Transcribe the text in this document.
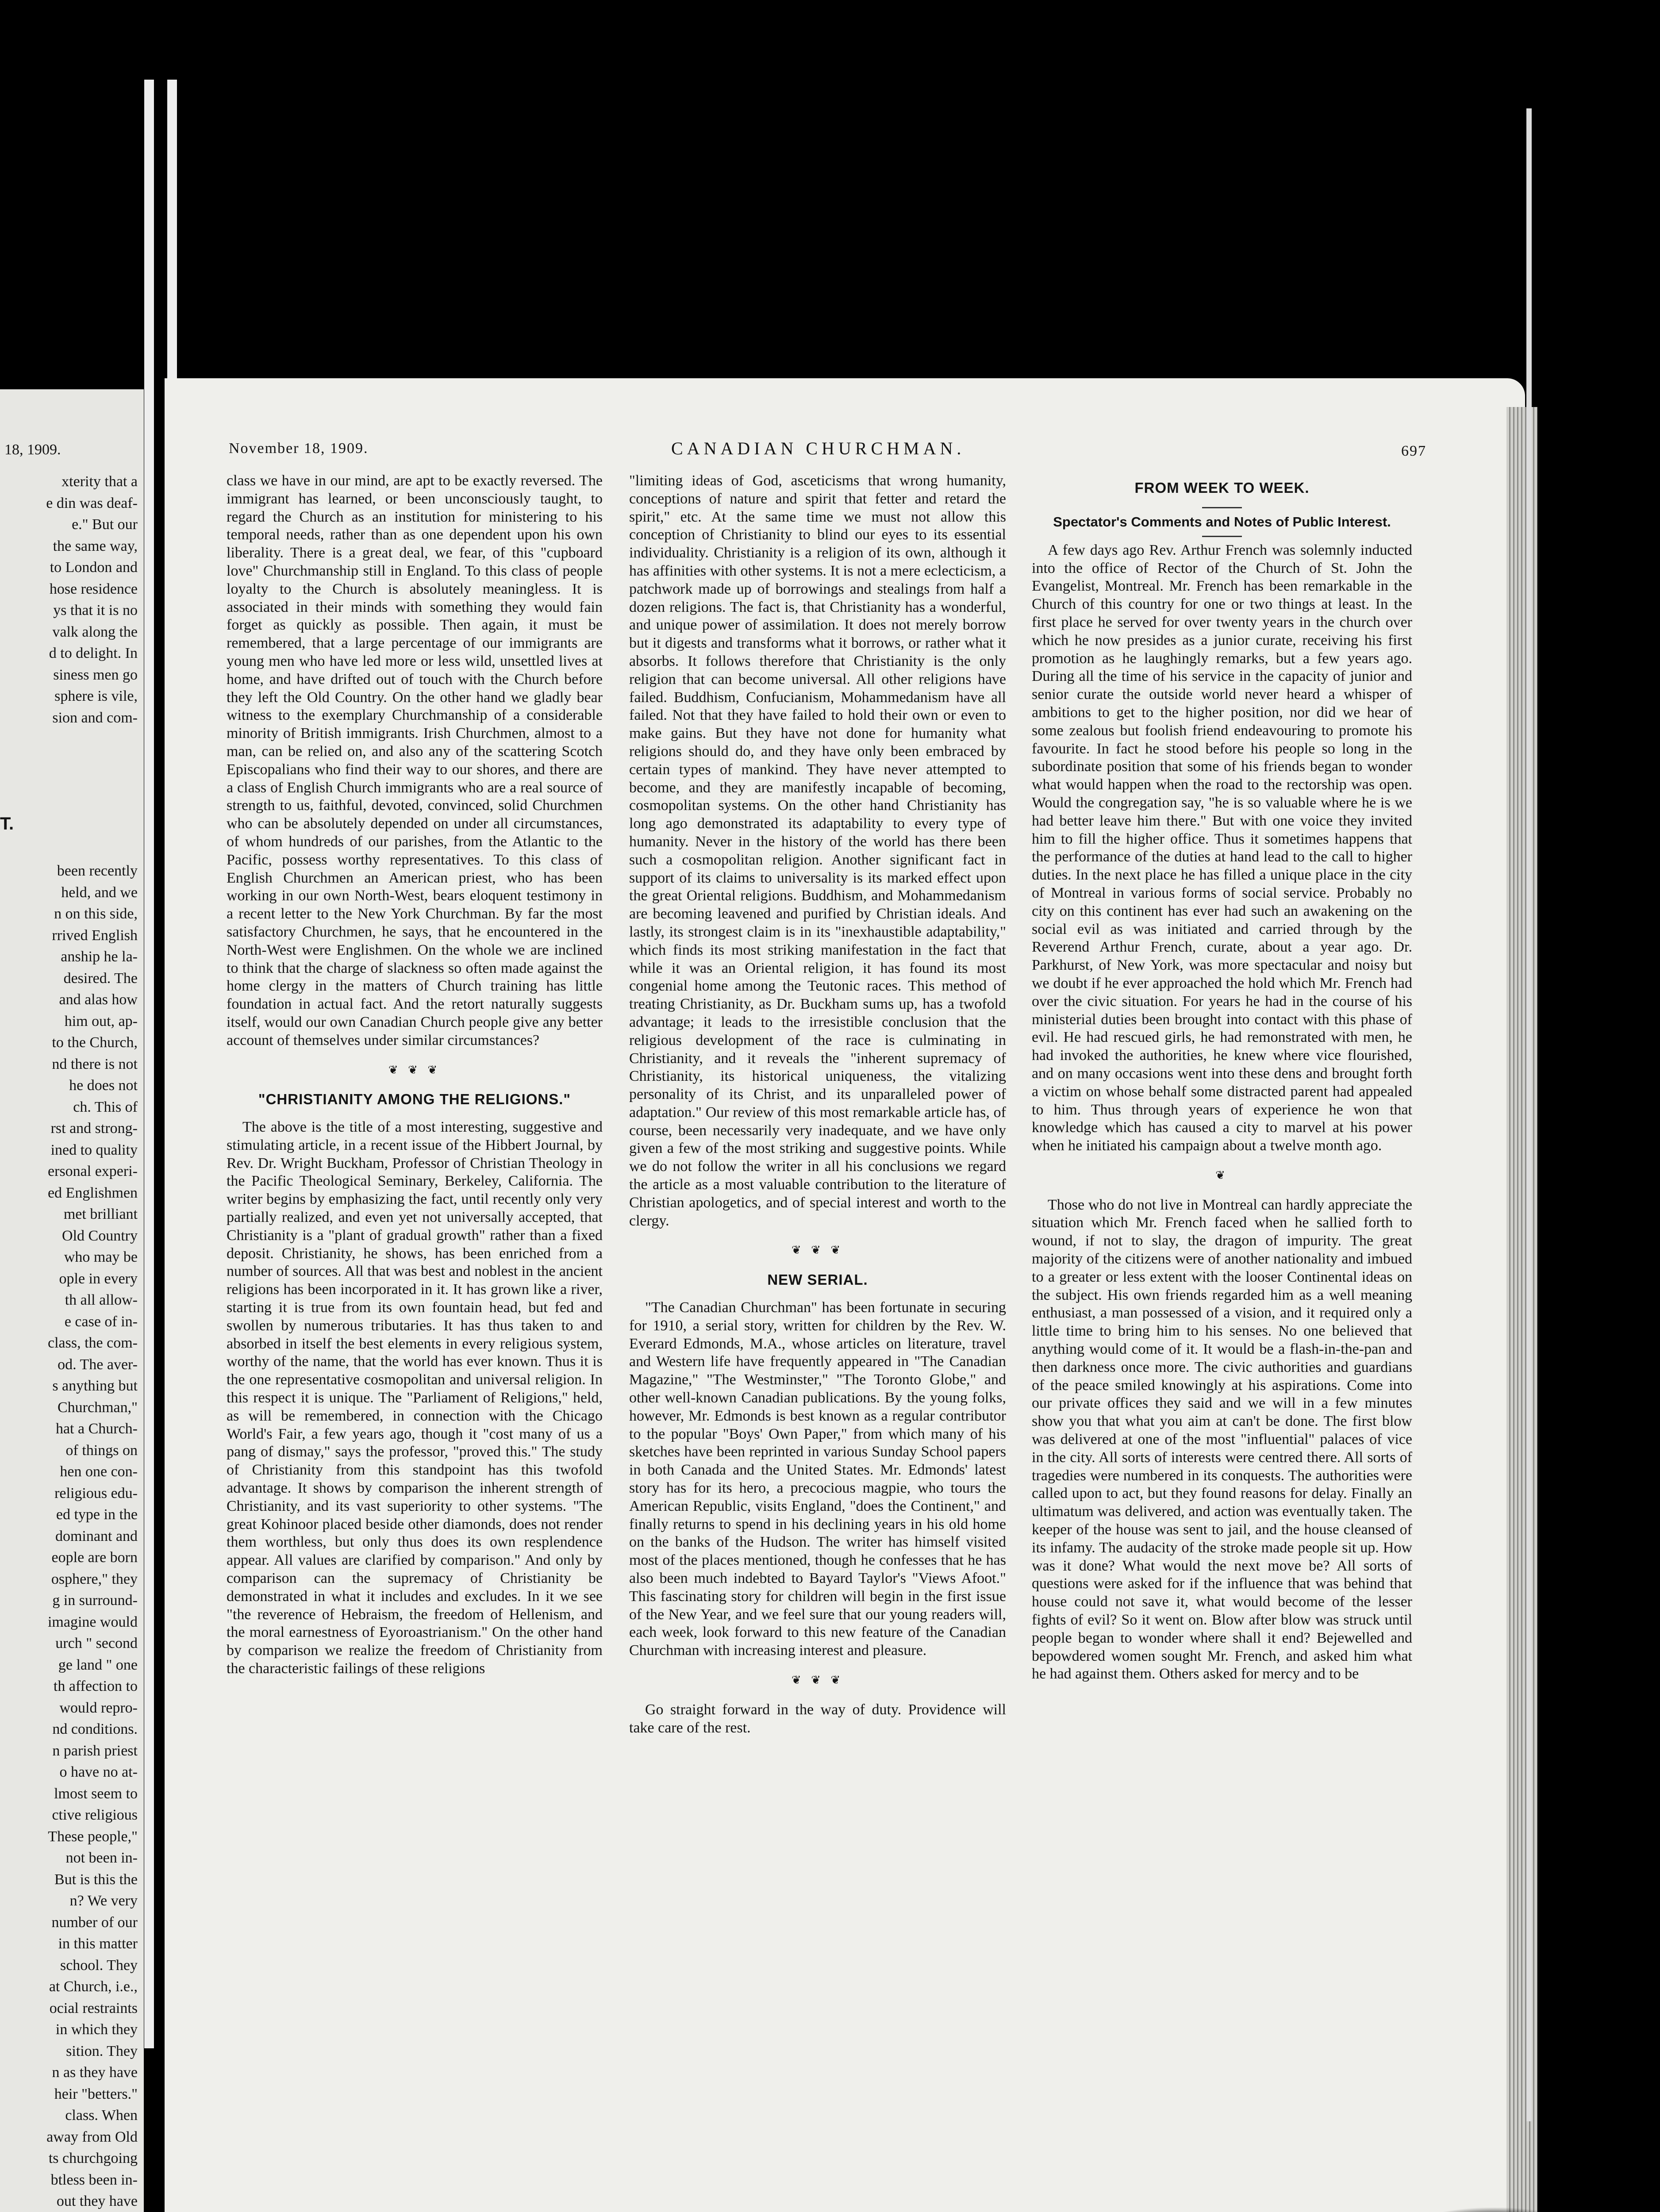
18, 1909.
xterity that a
e din was deaf-
e." But our
the same way,
to London and
hose residence
ys that it is no
valk along the
d to delight. In
siness men go
sphere is vile,
sion and com-
T.
been recently
held, and we
n on this side,
rrived English
anship he la-
desired. The
and alas how
him out, ap-
to the Church,
nd there is not
he does not
ch. This of
rst and strong-
ined to quality
ersonal experi-
ed Englishmen
met brilliant
Old Country
who may be
ople in every
th all allow-
e case of in-
class, the com-
od. The aver-
s anything but
Churchman,"
hat a Church-
of things on
hen one con-
religious edu-
ed type in the
dominant and
eople are born
osphere," they
g in surround-
imagine would
urch " second
ge land " one
th affection to
would repro-
nd conditions.
n parish priest
o have no at-
lmost seem to
ctive religious
These people,"
not been in-
But is this the
n? We very
number of our
in this matter
school. They
at Church, i.e.,
ocial restraints
in which they
sition. They
n as they have
heir "betters."
class. When
away from Old
ts churchgoing
btless been in-
out they have
November 18, 1909.	CANADIAN CHURCHMAN.	697

class we have in our mind, are apt to be exactly reversed. The immigrant has learned, or been unconsciously taught, to regard the Church as an institution for ministering to his temporal needs, rather than as one dependent upon his own liberality. There is a great deal, we fear, of this "cupboard love" Churchmanship still in England. To this class of people loyalty to the Church is absolutely meaningless. It is associated in their minds with something they would fain forget as quickly as possible. Then again, it must be remembered, that a large percentage of our immigrants are young men who have led more or less wild, unsettled lives at home, and have drifted out of touch with the Church before they left the Old Country. On the other hand we gladly bear witness to the exemplary Churchmanship of a considerable minority of British immigrants. Irish Churchmen, almost to a man, can be relied on, and also any of the scattering Scotch Episcopalians who find their way to our shores, and there are a class of English Church immigrants who are a real source of strength to us, faithful, devoted, convinced, solid Churchmen who can be absolutely depended on under all circumstances, of whom hundreds of our parishes, from the Atlantic to the Pacific, possess worthy representatives. To this class of English Churchmen an American priest, who has been working in our own North-West, bears eloquent testimony in a recent letter to the New York Churchman. By far the most satisfactory Churchmen, he says, that he encountered in the North-West were Englishmen. On the whole we are inclined to think that the charge of slackness so often made against the home clergy in the matters of Church training has little foundation in actual fact. And the retort naturally suggests itself, would our own Canadian Church people give any better account of themselves under similar circumstances?

❦ ❦ ❦
"CHRISTIANITY AMONG THE RELIGIONS."

The above is the title of a most interesting, suggestive and stimulating article, in a recent issue of the Hibbert Journal, by Rev. Dr. Wright Buckham, Professor of Christian Theology in the Pacific Theological Seminary, Berkeley, California. The writer begins by emphasizing the fact, until recently only very partially realized, and even yet not universally accepted, that Christianity is a "plant of gradual growth" rather than a fixed deposit. Christianity, he shows, has been enriched from a number of sources. All that was best and noblest in the ancient religions has been incorporated in it. It has grown like a river, starting it is true from its own fountain head, but fed and swollen by numerous tributaries. It has thus taken to and absorbed in itself the best elements in every religious system, worthy of the name, that the world has ever known. Thus it is the one representative cosmopolitan and universal religion. In this respect it is unique. The "Parliament of Religions," held, as will be remembered, in connection with the Chicago World's Fair, a few years ago, though it "cost many of us a pang of dismay," says the professor, "proved this." The study of Christianity from this standpoint has this twofold advantage. It shows by comparison the inherent strength of Christianity, and its vast superiority to other systems. "The great Kohinoor placed beside other diamonds, does not render them worthless, but only thus does its own resplendence appear. All values are clarified by comparison." And only by comparison can the supremacy of Christianity be demonstrated in what it includes and excludes. In it we see "the reverence of Hebraism, the freedom of Hellenism, and the moral earnestness of Eyoroastrianism." On the other hand by comparison we realize the freedom of Christianity from the characteristic failings of these religions

"limiting ideas of God, asceticisms that wrong humanity, conceptions of nature and spirit that fetter and retard the spirit," etc. At the same time we must not allow this conception of Christianity to blind our eyes to its essential individuality. Christianity is a religion of its own, although it has affinities with other systems. It is not a mere eclecticism, a patchwork made up of borrowings and stealings from half a dozen religions. The fact is, that Christianity has a wonderful, and unique power of assimilation. It does not merely borrow but it digests and transforms what it borrows, or rather what it absorbs. It follows therefore that Christianity is the only religion that can become universal. All other religions have failed. Buddhism, Confucianism, Mohammedanism have all failed. Not that they have failed to hold their own or even to make gains. But they have not done for humanity what religions should do, and they have only been embraced by certain types of mankind. They have never attempted to become, and they are manifestly incapable of becoming, cosmopolitan systems. On the other hand Christianity has long ago demonstrated its adaptability to every type of humanity. Never in the history of the world has there been such a cosmopolitan religion. Another significant fact in support of its claims to universality is its marked effect upon the great Oriental religions. Buddhism, and Mohammedanism are becoming leavened and purified by Christian ideals. And lastly, its strongest claim is in its "inexhaustible adaptability," which finds its most striking manifestation in the fact that while it was an Oriental religion, it has found its most congenial home among the Teutonic races. This method of treating Christianity, as Dr. Buckham sums up, has a twofold advantage; it leads to the irresistible conclusion that the religious development of the race is culminating in Christianity, and it reveals the "inherent supremacy of Christianity, its historical uniqueness, the vitalizing personality of its Christ, and its unparalleled power of adaptation." Our review of this most remarkable article has, of course, been necessarily very inadequate, and we have only given a few of the most striking and suggestive points. While we do not follow the writer in all his conclusions we regard the article as a most valuable contribution to the literature of Christian apologetics, and of special interest and worth to the clergy.

❦ ❦ ❦
NEW SERIAL.

"The Canadian Churchman" has been fortunate in securing for 1910, a serial story, written for children by the Rev. W. Everard Edmonds, M.A., whose articles on literature, travel and Western life have frequently appeared in "The Canadian Magazine," "The Westminster," "The Toronto Globe," and other well-known Canadian publications. By the young folks, however, Mr. Edmonds is best known as a regular contributor to the popular "Boys' Own Paper," from which many of his sketches have been reprinted in various Sunday School papers in both Canada and the United States. Mr. Edmonds' latest story has for its hero, a precocious magpie, who tours the American Republic, visits England, "does the Continent," and finally returns to spend in his declining years in his old home on the banks of the Hudson. The writer has himself visited most of the places mentioned, though he confesses that he has also been much indebted to Bayard Taylor's "Views Afoot." This fascinating story for children will begin in the first issue of the New Year, and we feel sure that our young readers will, each week, look forward to this new feature of the Canadian Churchman with increasing interest and pleasure.

❦ ❦ ❦

Go straight forward in the way of duty. Providence will take care of the rest.

FROM WEEK TO WEEK.
Spectator's Comments and Notes of Public Interest.

A few days ago Rev. Arthur French was solemnly inducted into the office of Rector of the Church of St. John the Evangelist, Montreal. Mr. French has been remarkable in the Church of this country for one or two things at least. In the first place he served for over twenty years in the church over which he now presides as a junior curate, receiving his first promotion as he laughingly remarks, but a few years ago. During all the time of his service in the capacity of junior and senior curate the outside world never heard a whisper of ambitions to get to the higher position, nor did we hear of some zealous but foolish friend endeavouring to promote his favourite. In fact he stood before his people so long in the subordinate position that some of his friends began to wonder what would happen when the road to the rectorship was open. Would the congregation say, "he is so valuable where he is we had better leave him there." But with one voice they invited him to fill the higher office. Thus it sometimes happens that the performance of the duties at hand lead to the call to higher duties. In the next place he has filled a unique place in the city of Montreal in various forms of social service. Probably no city on this continent has ever had such an awakening on the social evil as was initiated and carried through by the Reverend Arthur French, curate, about a year ago. Dr. Parkhurst, of New York, was more spectacular and noisy but we doubt if he ever approached the hold which Mr. French had over the civic situation. For years he had in the course of his ministerial duties been brought into contact with this phase of evil. He had rescued girls, he had remonstrated with men, he had invoked the authorities, he knew where vice flourished, and on many occasions went into these dens and brought forth a victim on whose behalf some distracted parent had appealed to him. Thus through years of experience he won that knowledge which has caused a city to marvel at his power when he initiated his campaign about a twelve month ago.

❦

Those who do not live in Montreal can hardly appreciate the situation which Mr. French faced when he sallied forth to wound, if not to slay, the dragon of impurity. The great majority of the citizens were of another nationality and imbued to a greater or less extent with the looser Continental ideas on the subject. His own friends regarded him as a well meaning enthusiast, a man possessed of a vision, and it required only a little time to bring him to his senses. No one believed that anything would come of it. It would be a flash-in-the-pan and then darkness once more. The civic authorities and guardians of the peace smiled knowingly at his aspirations. Come into our private offices they said and we will in a few minutes show you that what you aim at can't be done. The first blow was delivered at one of the most "influential" palaces of vice in the city. All sorts of interests were centred there. All sorts of tragedies were numbered in its conquests. The authorities were called upon to act, but they found reasons for delay. Finally an ultimatum was delivered, and action was eventually taken. The keeper of the house was sent to jail, and the house cleansed of its infamy. The audacity of the stroke made people sit up. How was it done? What would the next move be? All sorts of questions were asked for if the influence that was behind that house could not save it, what would become of the lesser fights of evil? So it went on. Blow after blow was struck until people began to wonder where shall it end? Bejewelled and bepowdered women sought Mr. French, and asked him what he had against them. Others asked for mercy and to be
